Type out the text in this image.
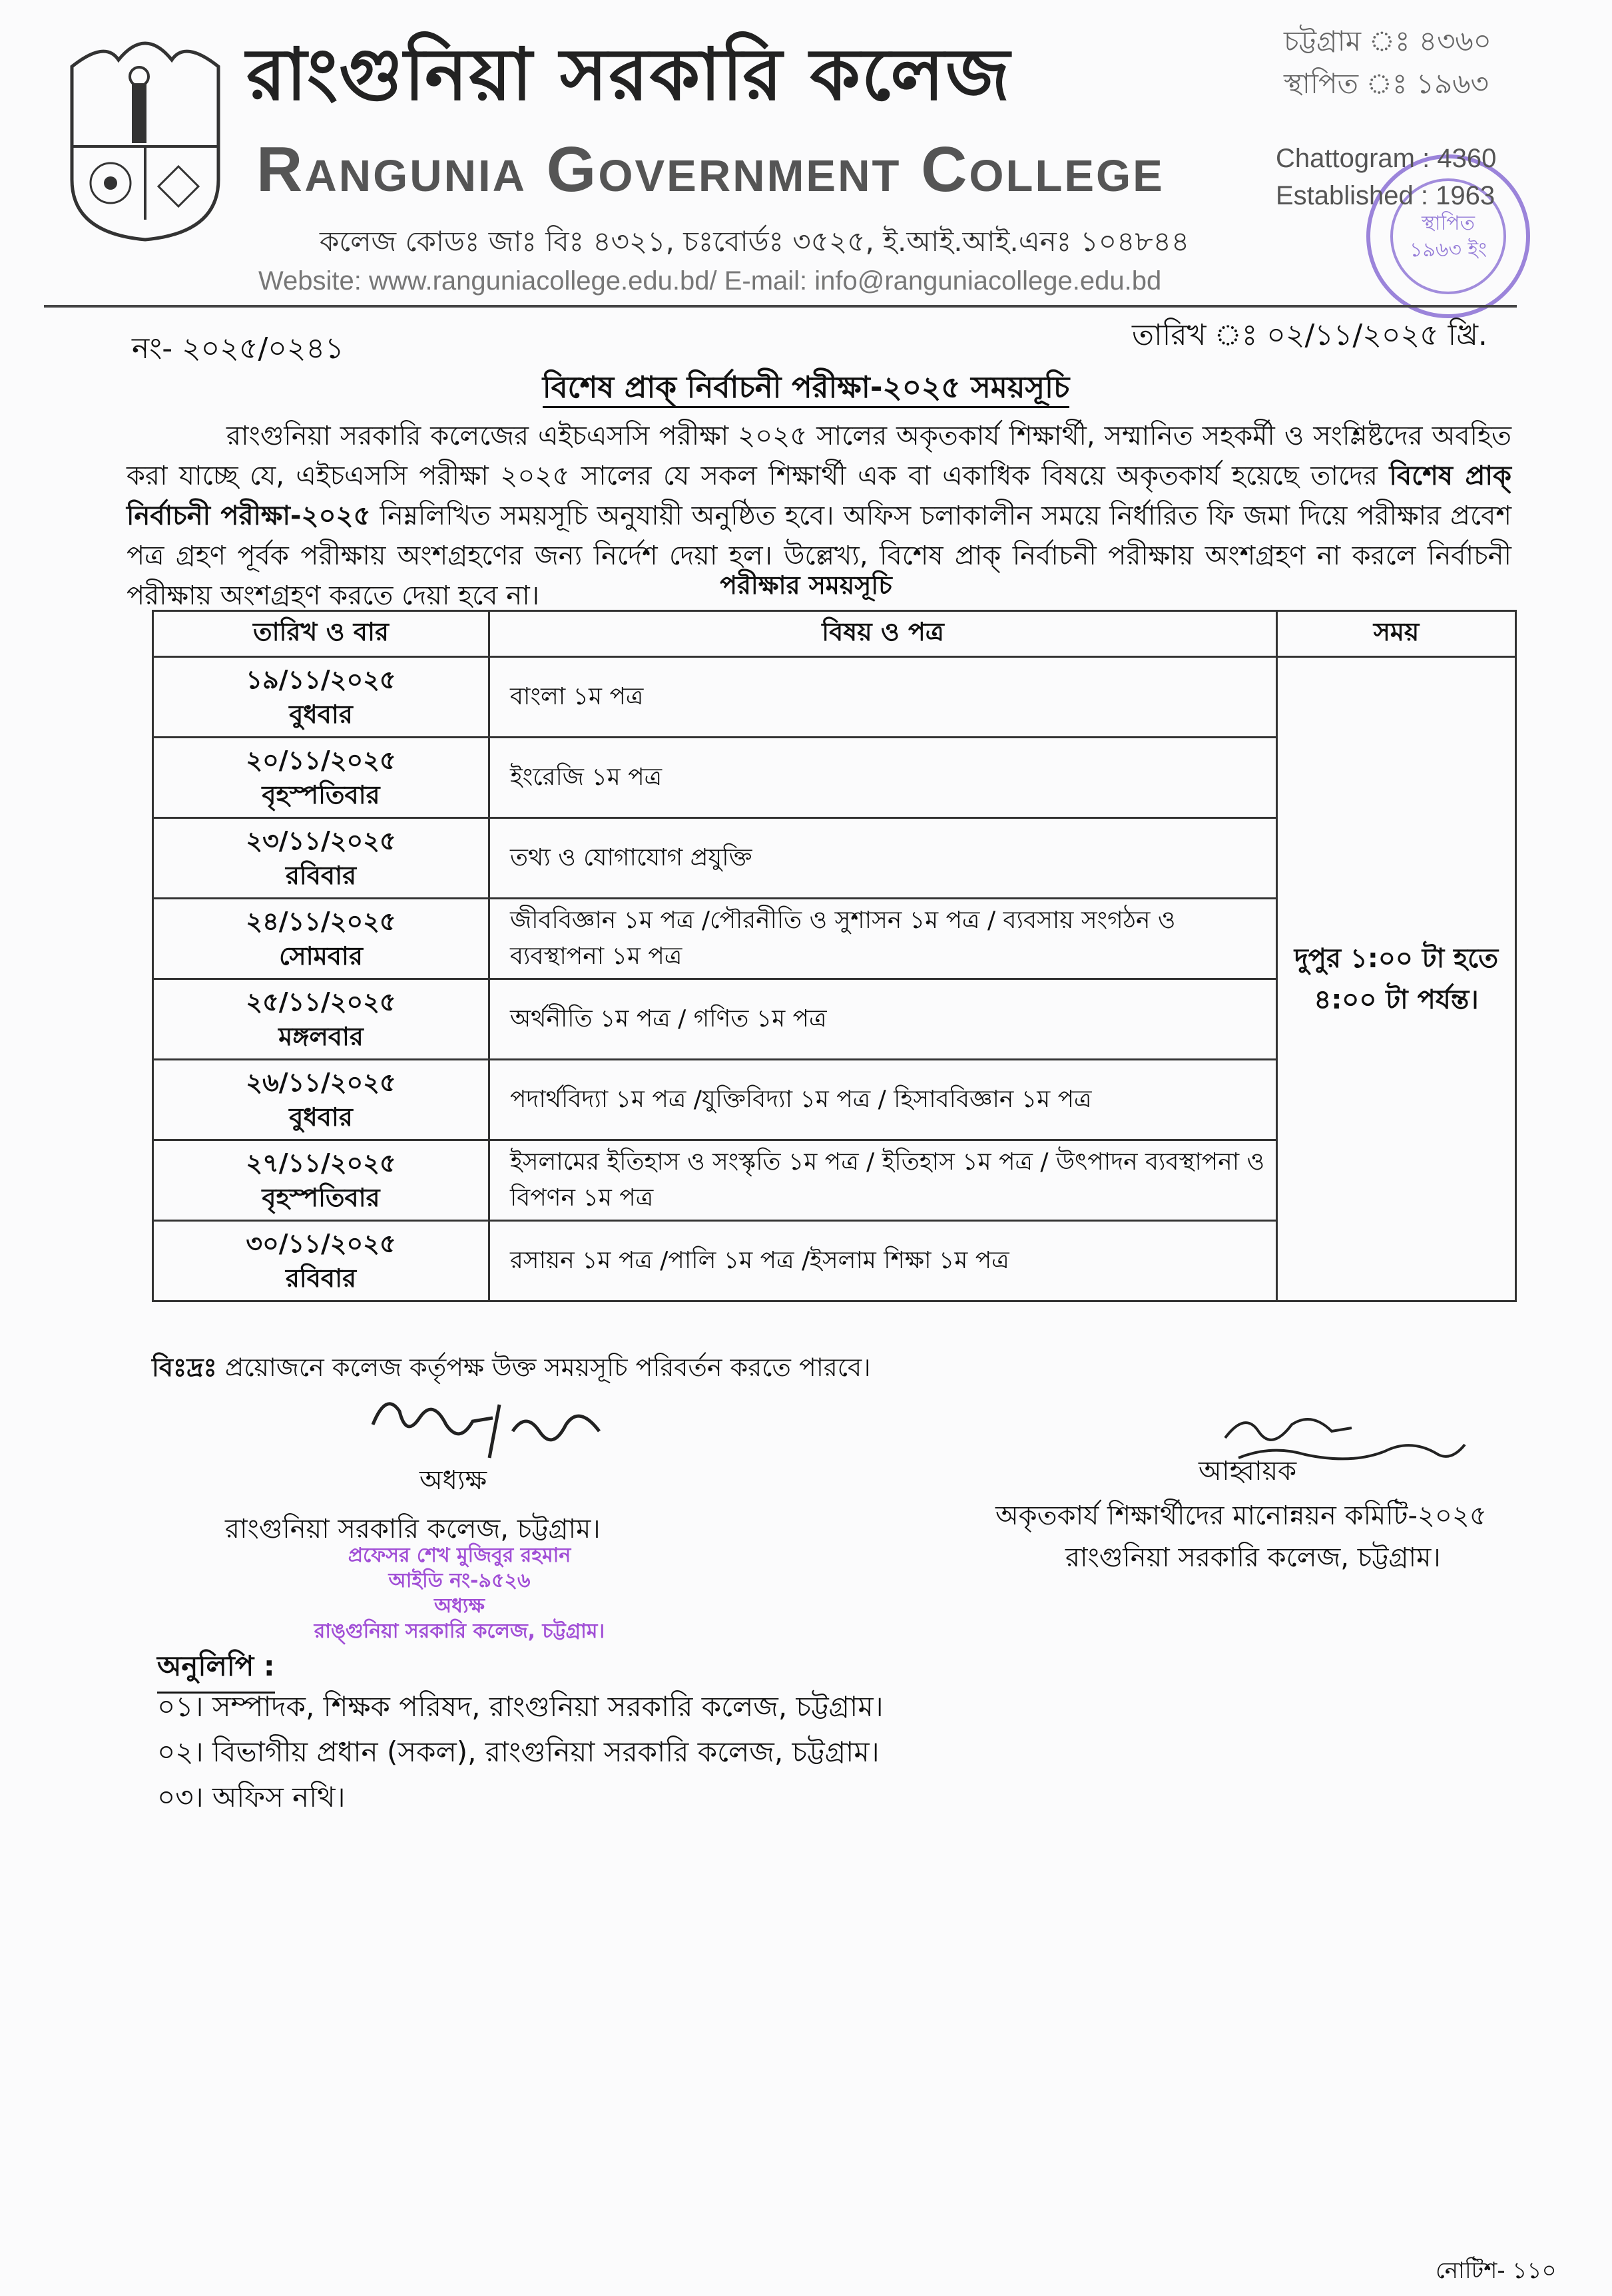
রাংগুনিয়া সরকারি কলেজ
Rangunia Government College
কলেজ কোডঃ জাঃ বিঃ ৪৩২১, চঃবোর্ডঃ ৩৫২৫, ই.আই.আই.এনঃ ১০৪৮৪৪
Website: www.ranguniacollege.edu.bd/ E-mail: info@ranguniacollege.edu.bd
চট্টগ্রাম ঃ ৪৩৬০
স্থাপিত ঃ ১৯৬৩
স্থাপিত
১৯৬৩ ইং
Chattogram : 4360
Established : 1963
নং- ২০২৫/০২৪১	তারিখ ঃ ০২/১১/২০২৫ খ্রি.
বিশেষ প্রাক্ নির্বাচনী পরীক্ষা-২০২৫ সময়সূচি
রাংগুনিয়া সরকারি কলেজের এইচএসসি পরীক্ষা ২০২৫ সালের অকৃতকার্য শিক্ষার্থী, সম্মানিত সহকর্মী ও সংশ্লিষ্টদের অবহিত করা যাচ্ছে যে, এইচএসসি পরীক্ষা ২০২৫ সালের যে সকল শিক্ষার্থী এক বা একাধিক বিষয়ে অকৃতকার্য হয়েছে তাদের বিশেষ প্রাক্ নির্বাচনী পরীক্ষা-২০২৫ নিম্নলিখিত সময়সূচি অনুযায়ী অনুষ্ঠিত হবে। অফিস চলাকালীন সময়ে নির্ধারিত ফি জমা দিয়ে পরীক্ষার প্রবেশ পত্র গ্রহণ পূর্বক পরীক্ষায় অংশগ্রহণের জন্য নির্দেশ দেয়া হল। উল্লেখ্য, বিশেষ প্রাক্ নির্বাচনী পরীক্ষায় অংশগ্রহণ না করলে নির্বাচনী পরীক্ষায় অংশগ্রহণ করতে দেয়া হবে না।	পরীক্ষার সময়সূচি
তারিখ ও বার	বিষয় ও পত্র	সময়

১৯/১১/২০২৫
বুধবার	বাংলা ১ম পত্র	দুপুর ১:০০ টা হতে ৪:০০ টা পর্যন্ত।

২০/১১/২০২৫
বৃহস্পতিবার	ইংরেজি ১ম পত্র	

২৩/১১/২০২৫
রবিবার	তথ্য ও যোগাযোগ প্রযুক্তি	

২৪/১১/২০২৫
সোমবার	জীববিজ্ঞান ১ম পত্র /পৌরনীতি ও সুশাসন ১ম পত্র / ব্যবসায় সংগঠন ও ব্যবস্থাপনা ১ম পত্র	

২৫/১১/২০২৫
মঙ্গলবার	অর্থনীতি ১ম পত্র / গণিত ১ম পত্র	

২৬/১১/২০২৫
বুধবার	পদার্থবিদ্যা ১ম পত্র /যুক্তিবিদ্যা ১ম পত্র / হিসাববিজ্ঞান ১ম পত্র	

২৭/১১/২০২৫
বৃহস্পতিবার	ইসলামের ইতিহাস ও সংস্কৃতি ১ম পত্র / ইতিহাস ১ম পত্র / উৎপাদন ব্যবস্থাপনা ও বিপণন ১ম পত্র	

৩০/১১/২০২৫
রবিবার	রসায়ন ১ম পত্র /পালি ১ম পত্র /ইসলাম শিক্ষা ১ম পত্র	
বিঃদ্রঃ প্রয়োজনে কলেজ কর্তৃপক্ষ উক্ত সময়সূচি পরিবর্তন করতে পারবে।
অধ্যক্ষ
রাংগুনিয়া সরকারি কলেজ, চট্টগ্রাম।
প্রফেসর শেখ মুজিবুর রহমান
আইডি নং-৯৫২৬
অধ্যক্ষ
রাঙ্গুনিয়া সরকারি কলেজ, চট্টগ্রাম।
আহ্বায়ক
অকৃতকার্য শিক্ষার্থীদের মানোন্নয়ন কমিটি-২০২৫
রাংগুনিয়া সরকারি কলেজ, চট্টগ্রাম।
অনুলিপি :
০১। সম্পাদক, শিক্ষক পরিষদ, রাংগুনিয়া সরকারি কলেজ, চট্টগ্রাম।
০২। বিভাগীয় প্রধান (সকল), রাংগুনিয়া সরকারি কলেজ, চট্টগ্রাম।
০৩। অফিস নথি।
নোটিশ- ১১০
